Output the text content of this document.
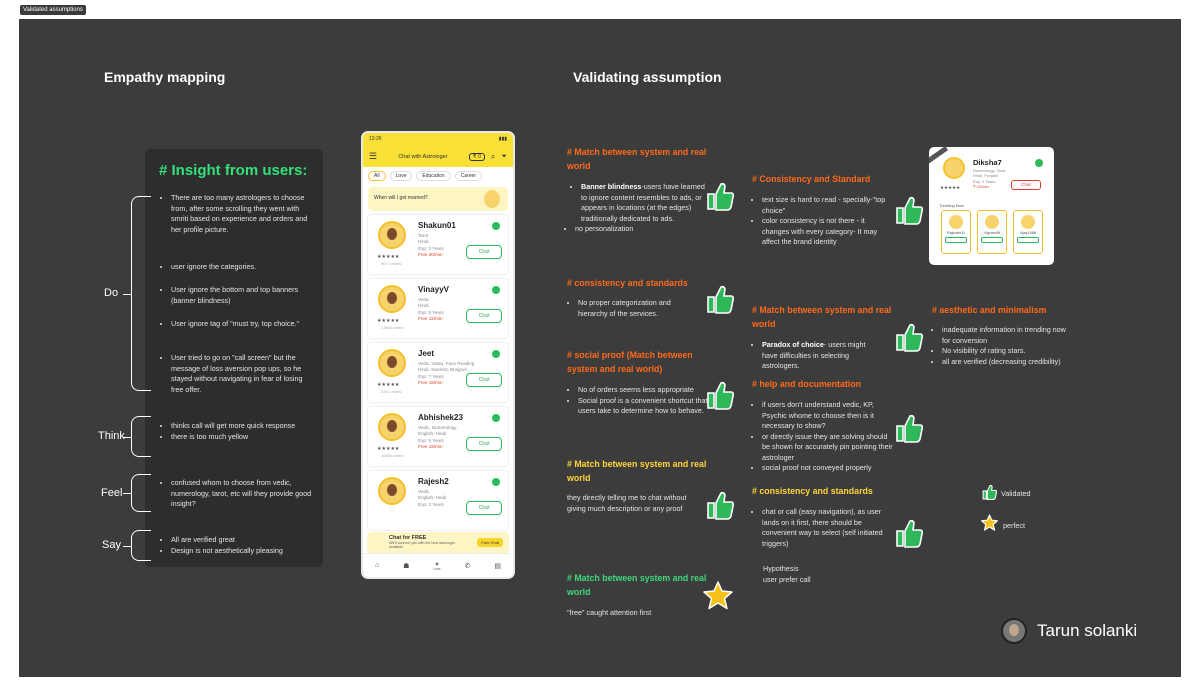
Validated assumptions
Empathy mapping	Validating assumption
# Insight from users:
• There are too many astrologers to choose from, after some scrolling they went with smriti based on experience and orders and her profile picture.
• user ignore the categories.
• User ignore the bottom and top banners (banner blindness)
• User ignore tag of "must try, top choice."
• User tried to go on "call screen" but the message of loss aversion pop ups, so he stayed without navigating in fear of losing free offer.
• thinks call will get more quick response
• there is too much yellow
• confused whom to choose from vedic, numerology, tarot, etc will they provide good insight?
• All are verified great
• Design is not aesthetically pleasing
Do
Think
Feel
Say
13:26	▮▮▮
☰	Chat with Astrologer	₹ 0	⌕ ⏷
All	Love	Education	Career
When will I get married?
Shakun01
Tarot
Hindi
Exp: 3 Years
Free 20/min
★★★★★
9677 orders
Chat
VinayyV
Vedic
Hindi
Exp: 5 Years
Free 12/min
★★★★★
17888 orders
Chat
Jeet
Vedic, Vastu, Face Reading
Hindi, Sanskrit, Bhojpuri
Exp: 7 Years
Free 18/min
★★★★★
3341 orders
Chat
Abhishek23
Vedic, Numerology
English, Hindi
Exp: 5 Years
Free 19/min
★★★★★
16489 orders
Chat
Rajesh2
Vedic
English, Hindi
Exp: 3 Years
Chat
Chat for FREE
We'll connect you with the best astrologer available
Free Chat
⌂	☗	◉
Live	✆	▤
# Match between system and real world
• Banner blindness-users have learned to ignore content resembles to ads, or appears in locations (at the edges) traditionally dedicated to ads.
• no personalization
# consistency and standards
• No proper categorization and hierarchy of the services.
# social proof (Match between system and real world)
• No of orders seems less appropriate
• Social proof is a convenient shortcut that users take to determine how to behave.
# Match between system and real world
they directly telling me to chat without giving much description or any proof
# Match between system and real world
"free" caught attention first
# Consistency and Standard
• text size is hard to read - specially-"top choice"
• color consistency is not there - it changes with every category- It may affect the brand identity
# Match between system and real world
• Paradox of choice- users might have difficulties in selecting astrologers.
# help and documentation
• if users don't understand vedic, KP, Psychic whome to choose then is it necessary to show?
• or directly issue they are solving should be shown for accurately pin pointing their astrologer
• social proof not conveyed properly
# consistency and standards
• chat or call (easy navigation), as user lands on it first, there should be convenient way to select (self initiated triggers)
Hypothesis
user prefer call
# aesthetic and minimalism
• inadequate information in trending now for conversion
• No visibility of rating stars.
• all are verified (decreasing credibility)
Diksha7
Numerology, Tarot
Hindi, Punjabi
Exp: 3 Years
₹ 22/min
★★★★★
Chat
Trending Now
Rajinder11	Vignan98	Ajay1988
Validated
perfect
Tarun solanki
